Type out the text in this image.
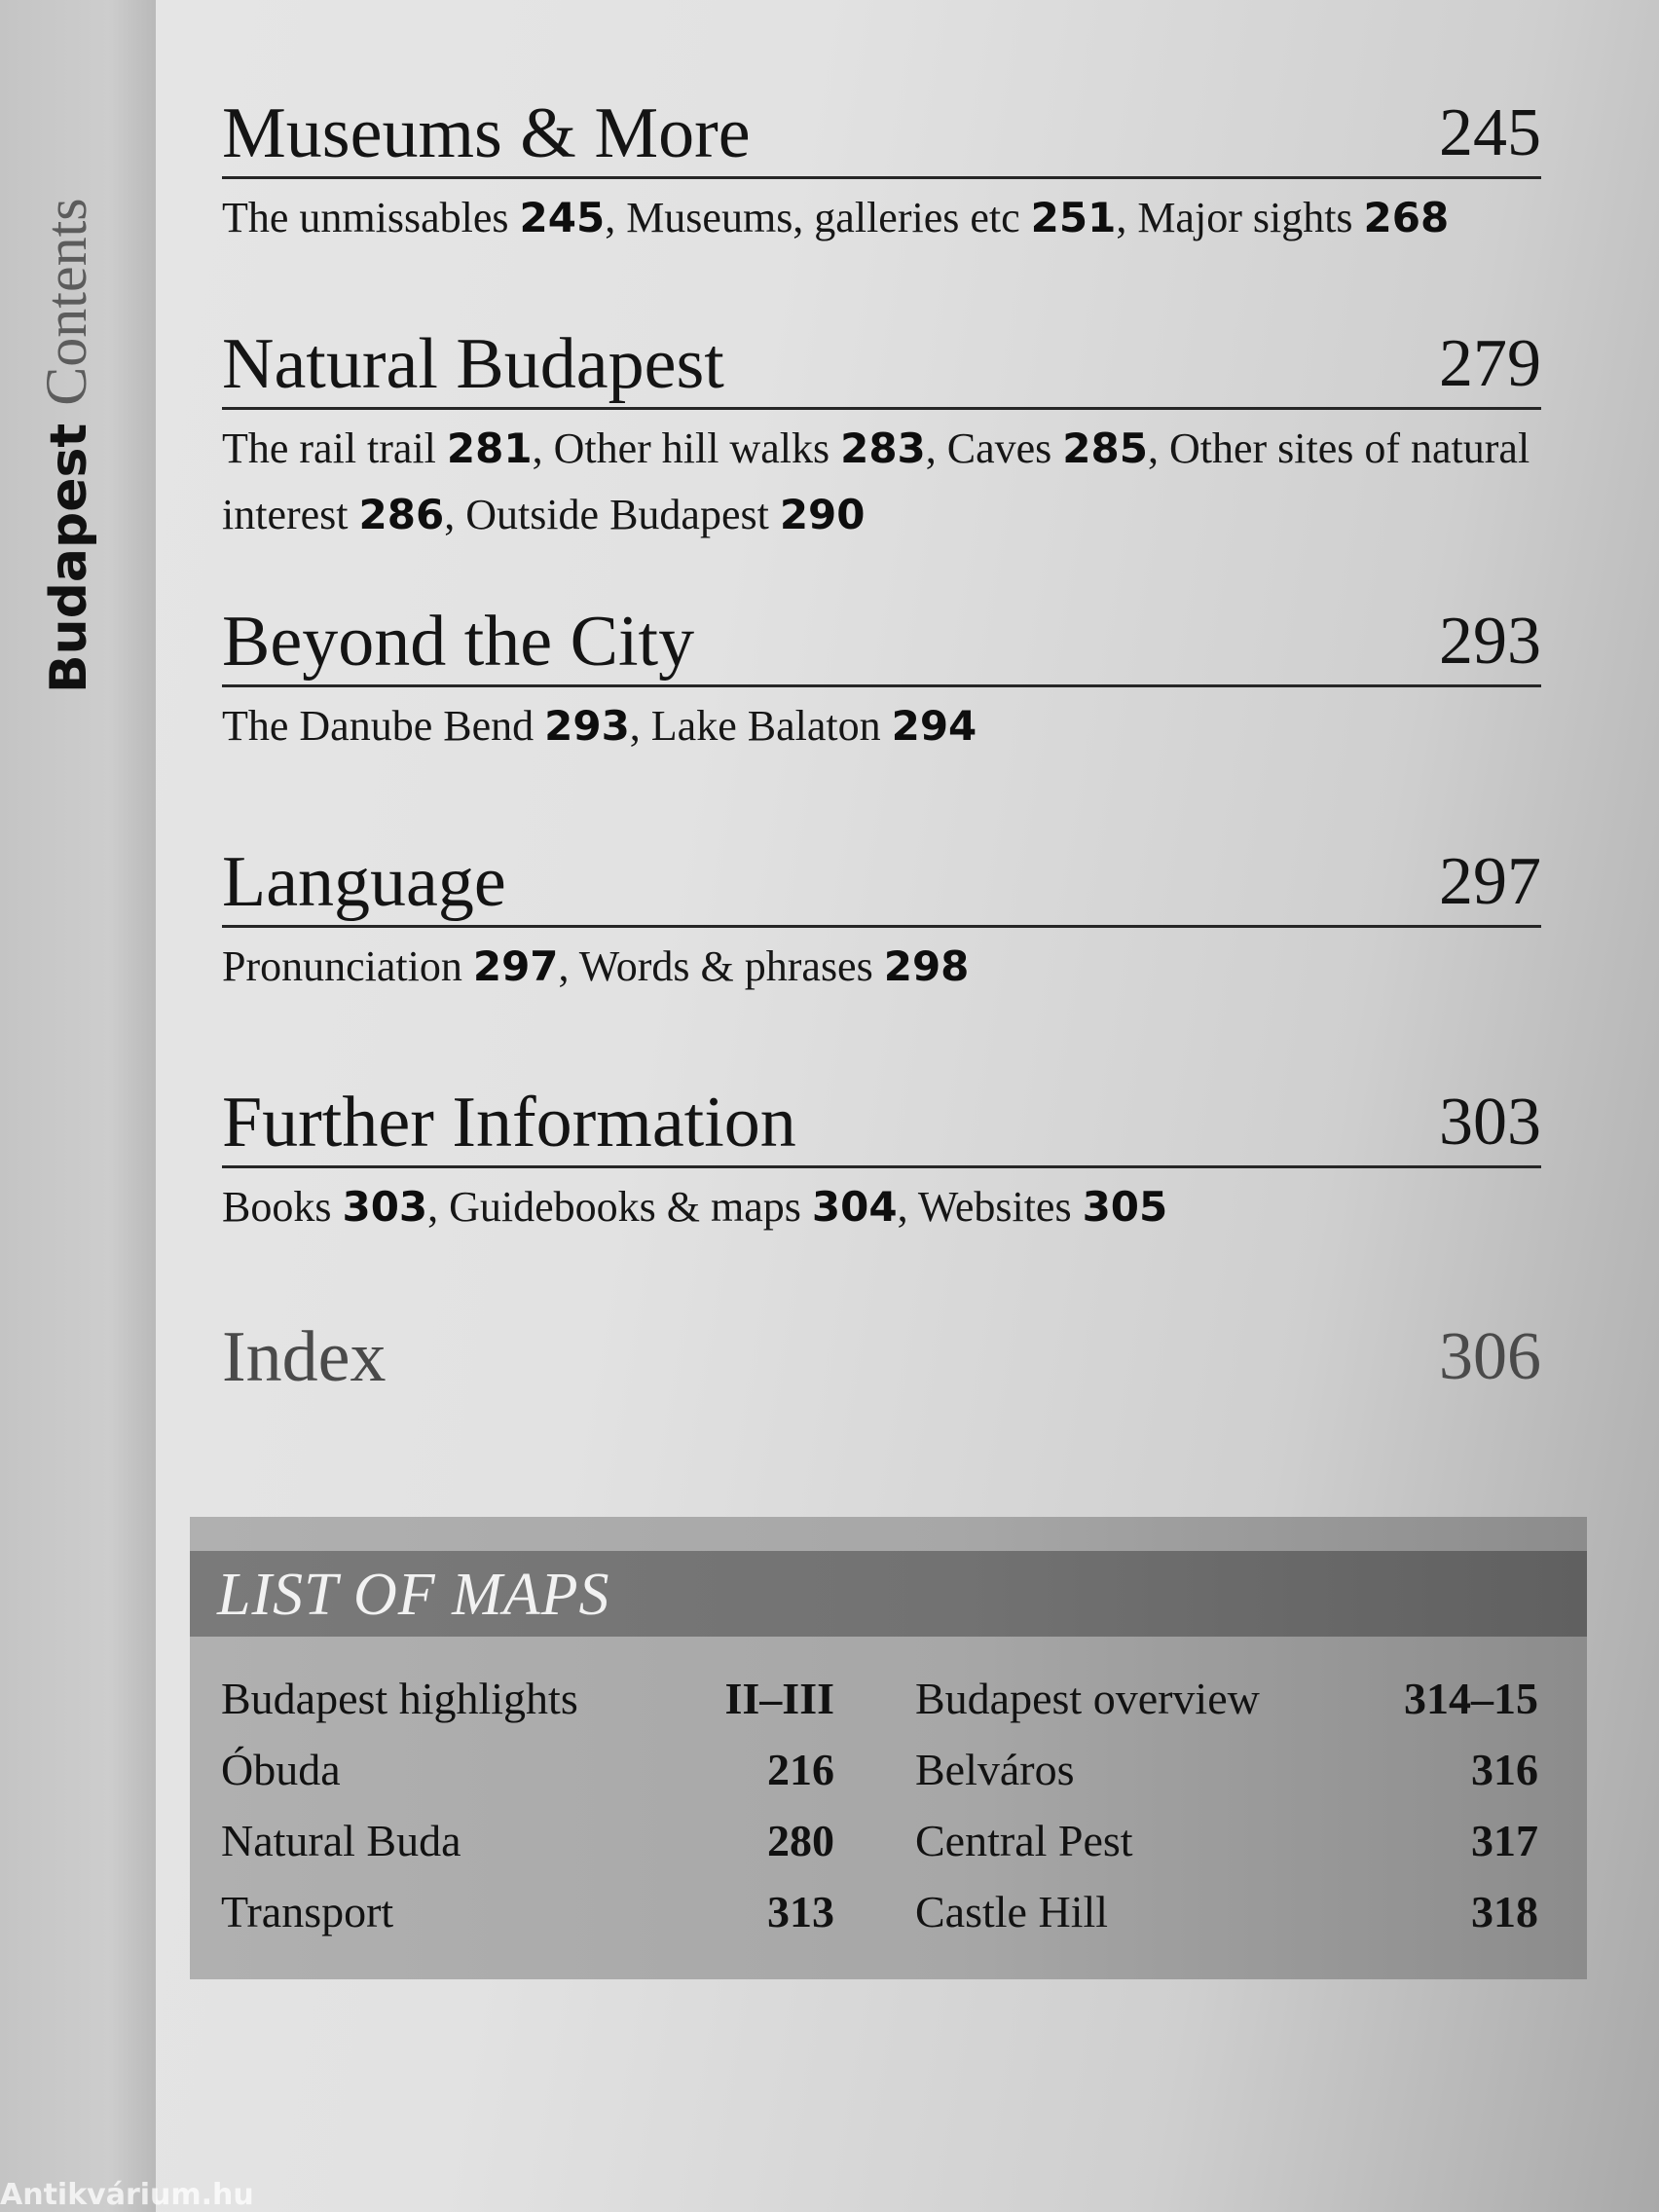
BudapestContents
Antikvárium.hu
Museums & More	245
The unmissables 245, Museums, galleries etc 251, Major sights 268
Natural Budapest	279
The rail trail 281, Other hill walks 283, Caves 285, Other sites of natural interest 286, Outside Budapest 290
Beyond the City	293
The Danube Bend 293, Lake Balaton 294
Language	297
Pronunciation 297, Words & phrases 298
Further Information	303
Books 303, Guidebooks & maps 304, Websites 305
Index	306
LIST OF MAPS
Budapest highlights	II–III
Óbuda	216
Natural Buda	280
Transport	313
Budapest overview	314–15
Belváros	316
Central Pest	317
Castle Hill	318
